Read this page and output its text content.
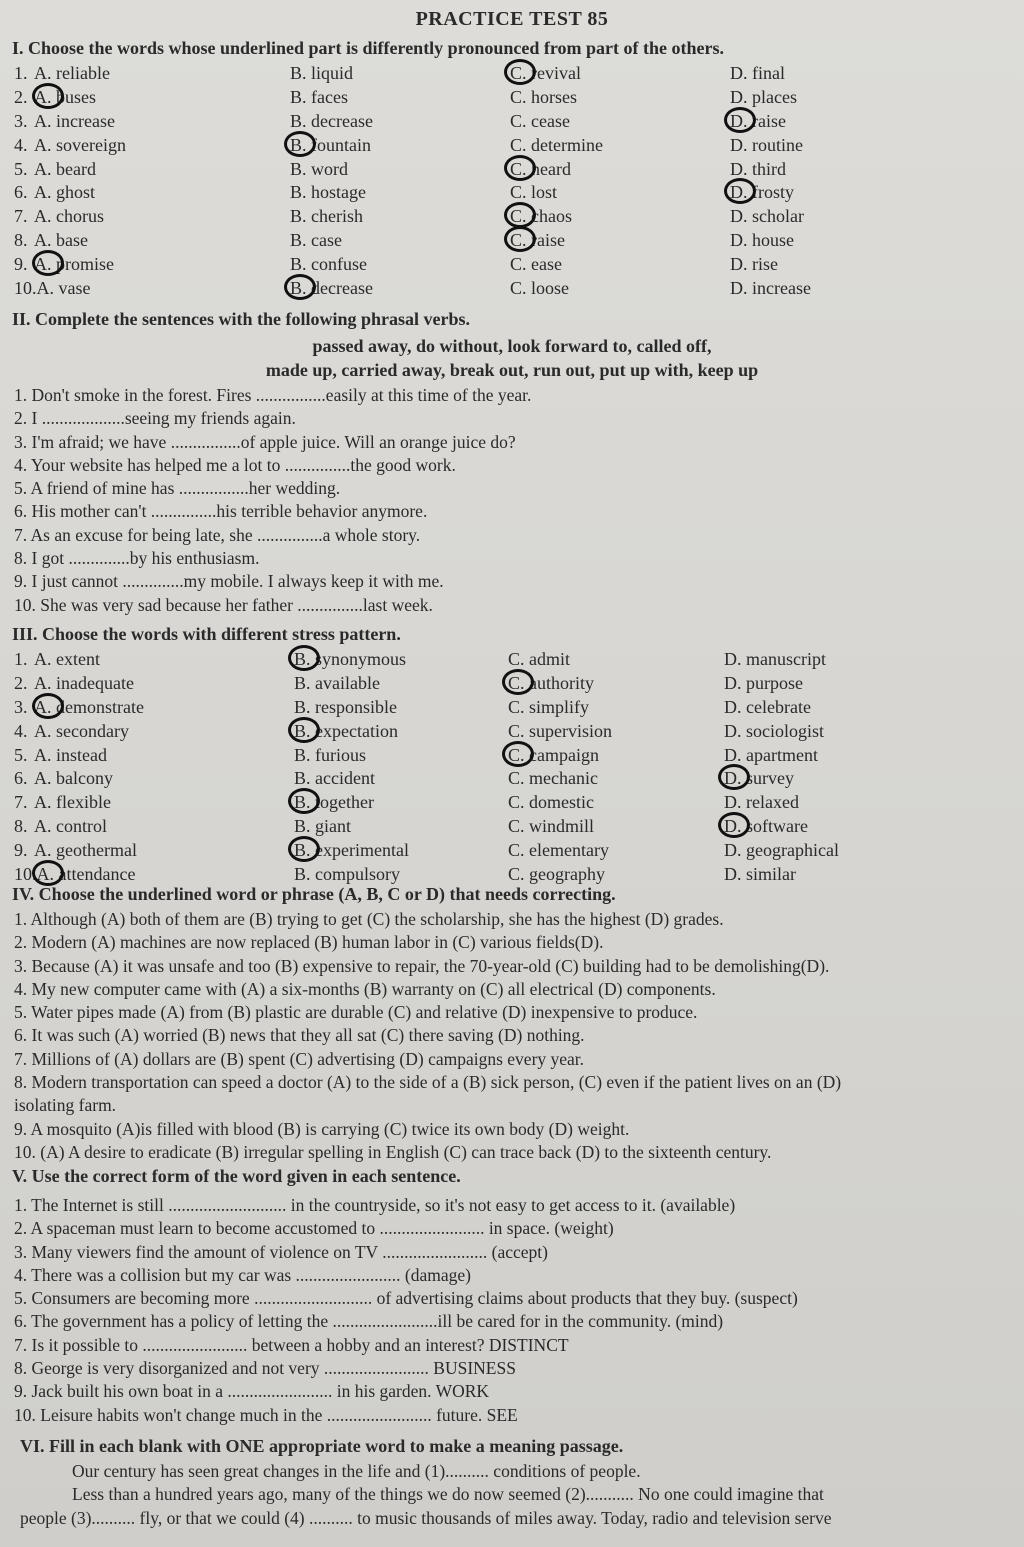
PRACTICE TEST 85
I. Choose the words whose underlined part is differently pronounced from part of the others.
1. A. reliable	B. liquid	C. revival	D. final
2. A. buses	B. faces	C. horses	D. places
3. A. increase	B. decrease	C. cease	D. raise
4. A. sovereign	B. fountain	C. determine	D. routine
5. A. beard	B. word	C. heard	D. third
6. A. ghost	B. hostage	C. lost	D. frosty
7. A. chorus	B. cherish	C. chaos	D. scholar
8. A. base	B. case	C. raise	D. house
9. A. promise	B. confuse	C. ease	D. rise
10.A. vase	B. decrease	C. loose	D. increase
II. Complete the sentences with the following phrasal verbs.
passed away, do without, look forward to, called off,
made up, carried away, break out, run out, put up with, keep up
1. Don't smoke in the forest. Fires ................easily at this time of the year.
2. I ...................seeing my friends again.
3. I'm afraid; we have ................of apple juice. Will an orange juice do?
4. Your website has helped me a lot to ...............the good work.
5. A friend of mine has ................her wedding.
6. His mother can't ...............his terrible behavior anymore.
7. As an excuse for being late, she ...............a whole story.
8. I got ..............by his enthusiasm.
9. I just cannot ..............my mobile. I always keep it with me.
10. She was very sad because her father ...............last week.
III. Choose the words with different stress pattern.
1. A. extent	B. synonymous	C. admit	D. manuscript
2. A. inadequate	B. available	C. authority	D. purpose
3. A. demonstrate	B. responsible	C. simplify	D. celebrate
4. A. secondary	B. expectation	C. supervision	D. sociologist
5. A. instead	B. furious	C. campaign	D. apartment
6. A. balcony	B. accident	C. mechanic	D. survey
7. A. flexible	B. together	C. domestic	D. relaxed
8. A. control	B. giant	C. windmill	D. software
9. A. geothermal	B. experimental	C. elementary	D. geographical
10.A. attendance	B. compulsory	C. geography	D. similar
IV. Choose the underlined word or phrase (A, B, C or D) that needs correcting.
1. Although (A) both of them are (B) trying to get (C) the scholarship, she has the highest (D) grades.
2. Modern (A) machines are now replaced (B) human labor in (C) various fields(D).
3. Because (A) it was unsafe and too (B) expensive to repair, the 70-year-old (C) building had to be demolishing(D).
4. My new computer came with (A) a six-months (B) warranty on (C) all electrical (D) components.
5. Water pipes made (A) from (B) plastic are durable (C) and relative (D) inexpensive to produce.
6. It was such (A) worried (B) news that they all sat (C) there saving (D) nothing.
7. Millions of (A) dollars are (B) spent (C) advertising (D) campaigns every year.
8. Modern transportation can speed a doctor (A) to the side of a (B) sick person, (C) even if the patient lives on an (D)
isolating farm.
9. A mosquito (A)is filled with blood (B) is carrying (C) twice its own body (D) weight.
10. (A) A desire to eradicate (B) irregular spelling in English (C) can trace back (D) to the sixteenth century.
V. Use the correct form of the word given in each sentence.
1. The Internet is still ........................... in the countryside, so it's not easy to get access to it. (available)
2. A spaceman must learn to become accustomed to ........................ in space. (weight)
3. Many viewers find the amount of violence on TV ........................ (accept)
4. There was a collision but my car was ........................ (damage)
5. Consumers are becoming more ........................... of advertising claims about products that they buy. (suspect)
6. The government has a policy of letting the ........................ill be cared for in the community. (mind)
7. Is it possible to ........................ between a hobby and an interest? DISTINCT
8. George is very disorganized and not very ........................ BUSINESS
9. Jack built his own boat in a ........................ in his garden. WORK
10. Leisure habits won't change much in the ........................ future. SEE
VI. Fill in each blank with ONE appropriate word to make a meaning passage.
Our century has seen great changes in the life and (1).......... conditions of people.
Less than a hundred years ago, many of the things we do now seemed (2)........... No one could imagine that
people (3).......... fly, or that we could (4) .......... to music thousands of miles away. Today, radio and television serve
